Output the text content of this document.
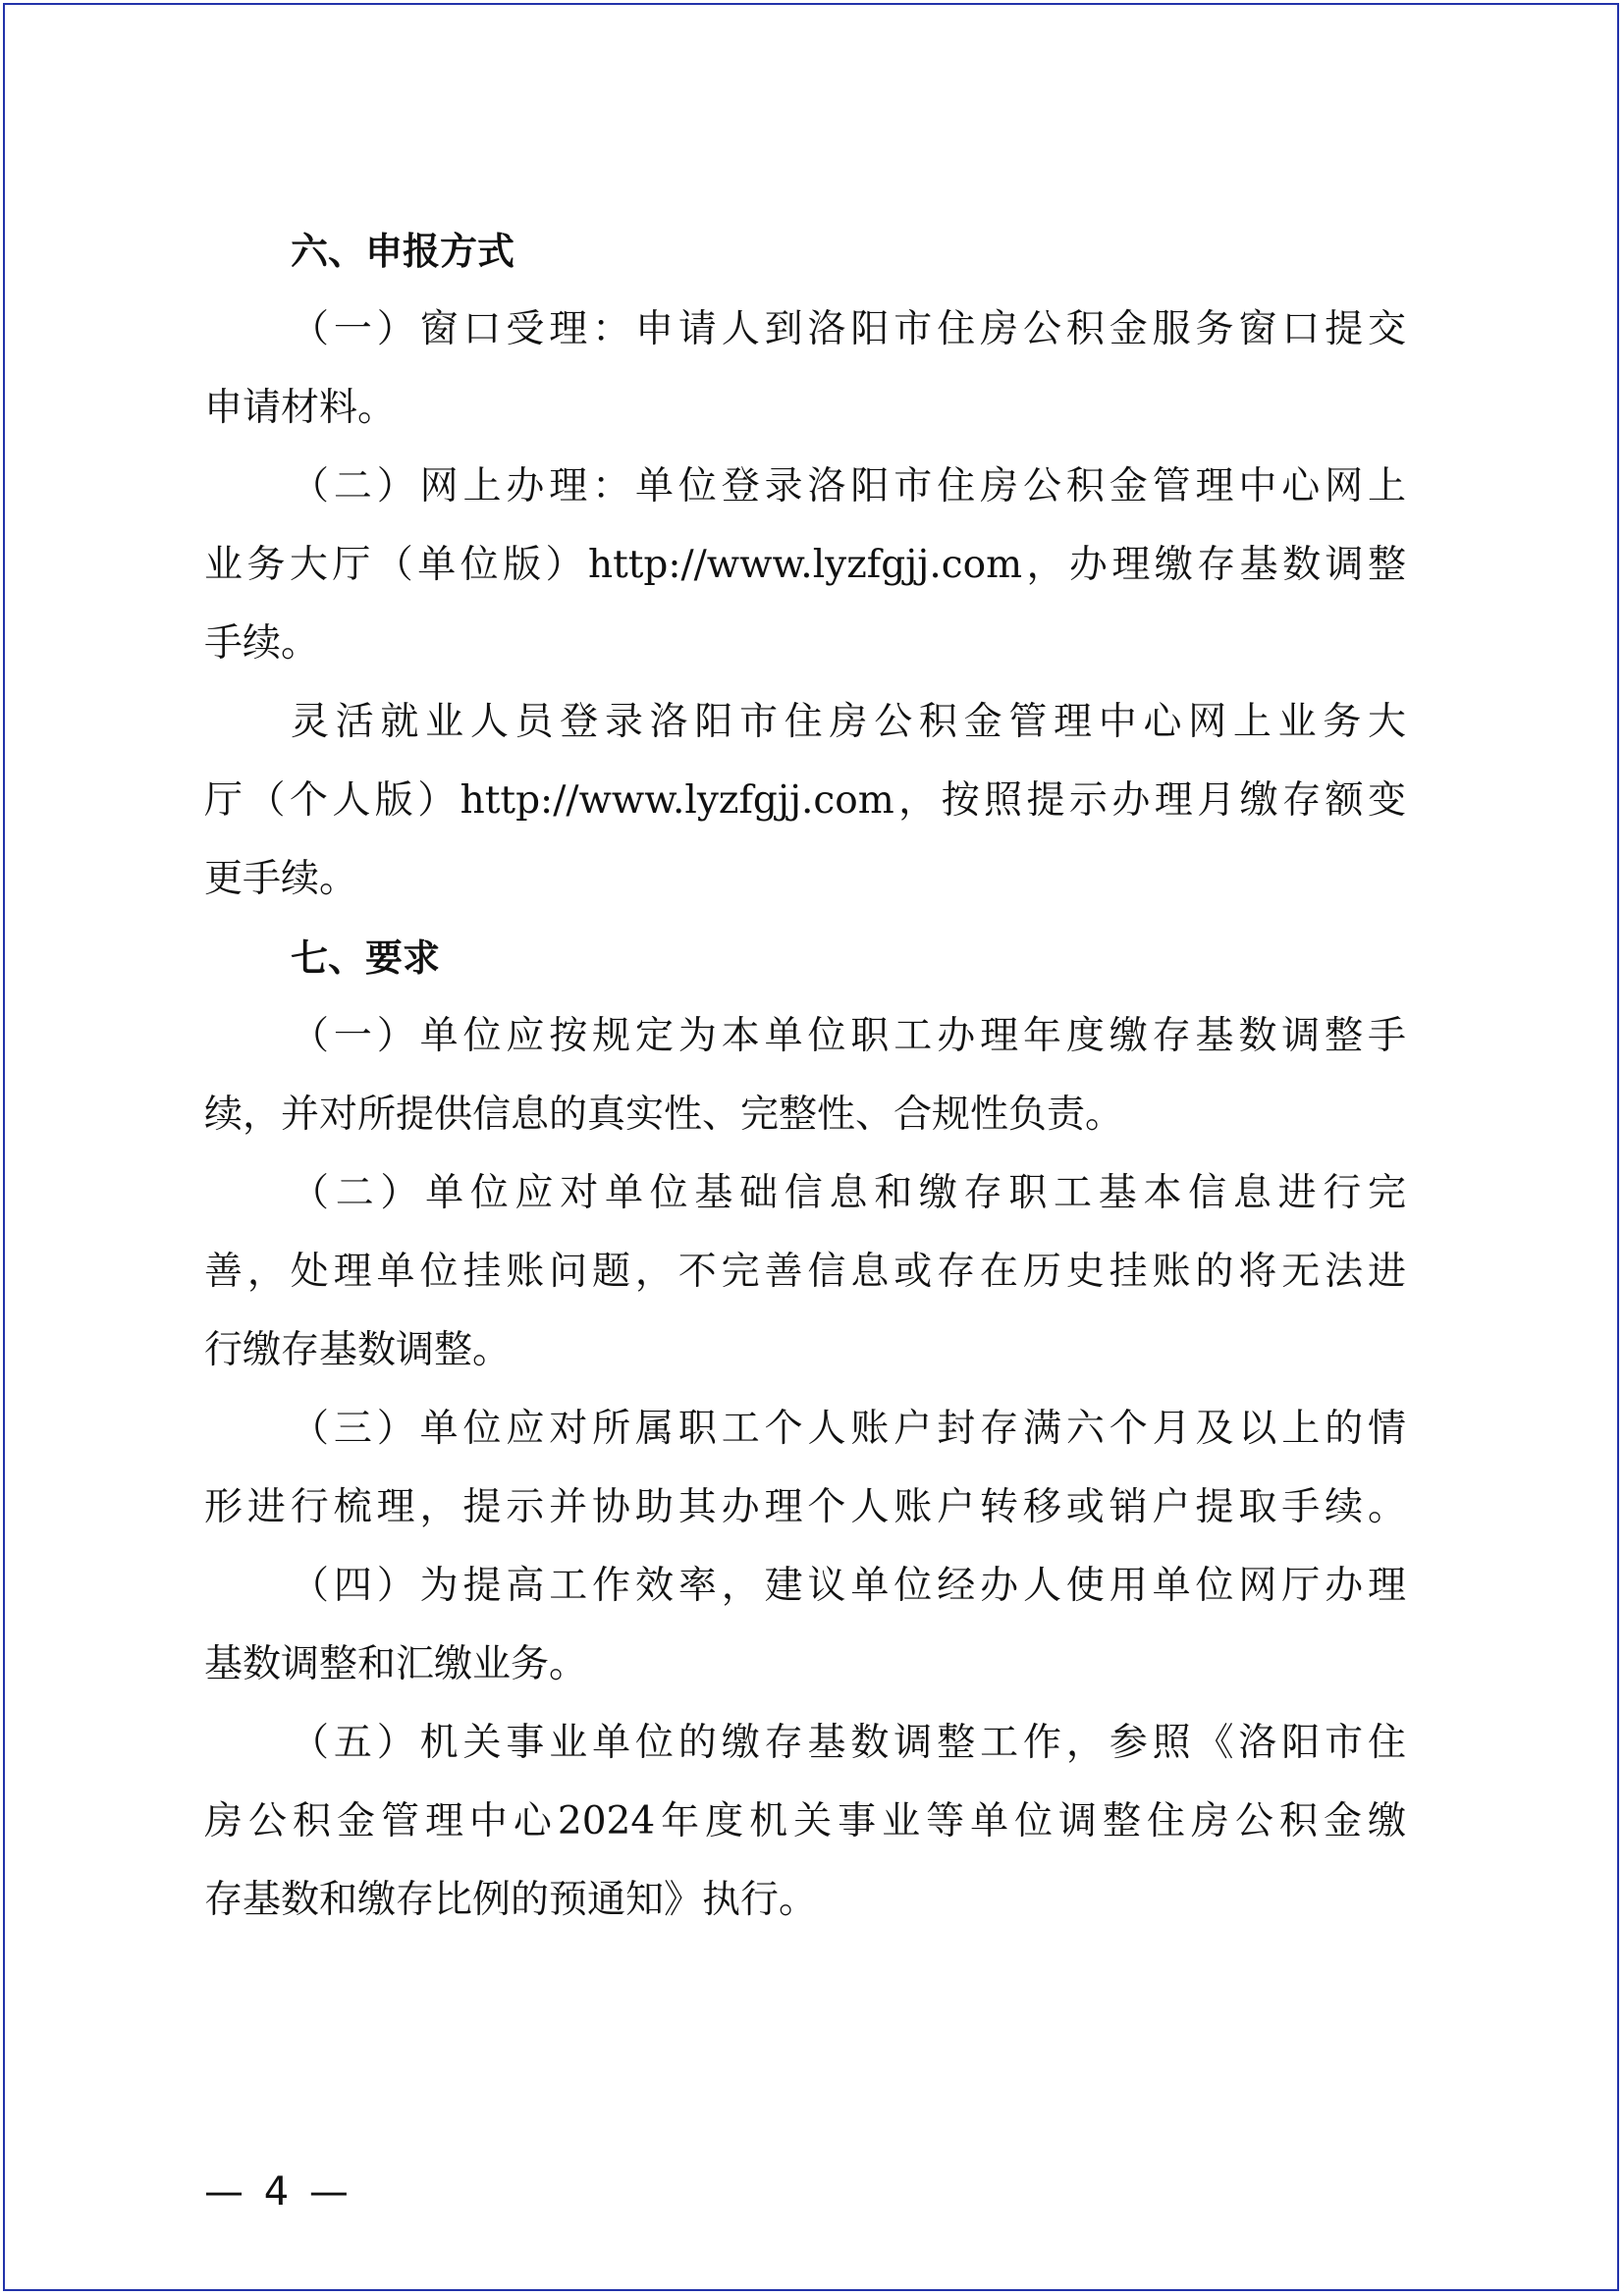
六、申报方式
（一）窗口受理：申请人到洛阳市住房公积金服务窗口提交
申请材料。
（二）网上办理：单位登录洛阳市住房公积金管理中心网上
业务大厅（单位版）http://www.lyzfgjj.com，办理缴存基数调整
手续。
灵活就业人员登录洛阳市住房公积金管理中心网上业务大
厅（个人版）http://www.lyzfgjj.com，按照提示办理月缴存额变
更手续。
七、要求
（一）单位应按规定为本单位职工办理年度缴存基数调整手
续，并对所提供信息的真实性、完整性、合规性负责。
（二）单位应对单位基础信息和缴存职工基本信息进行完
善，处理单位挂账问题，不完善信息或存在历史挂账的将无法进
行缴存基数调整。
（三）单位应对所属职工个人账户封存满六个月及以上的情
形进行梳理，提示并协助其办理个人账户转移或销户提取手续。
（四）为提高工作效率，建议单位经办人使用单位网厅办理
基数调整和汇缴业务。
（五）机关事业单位的缴存基数调整工作，参照《洛阳市住
房公积金管理中心2024年度机关事业等单位调整住房公积金缴
存基数和缴存比例的预通知》执行。
— 4 —
